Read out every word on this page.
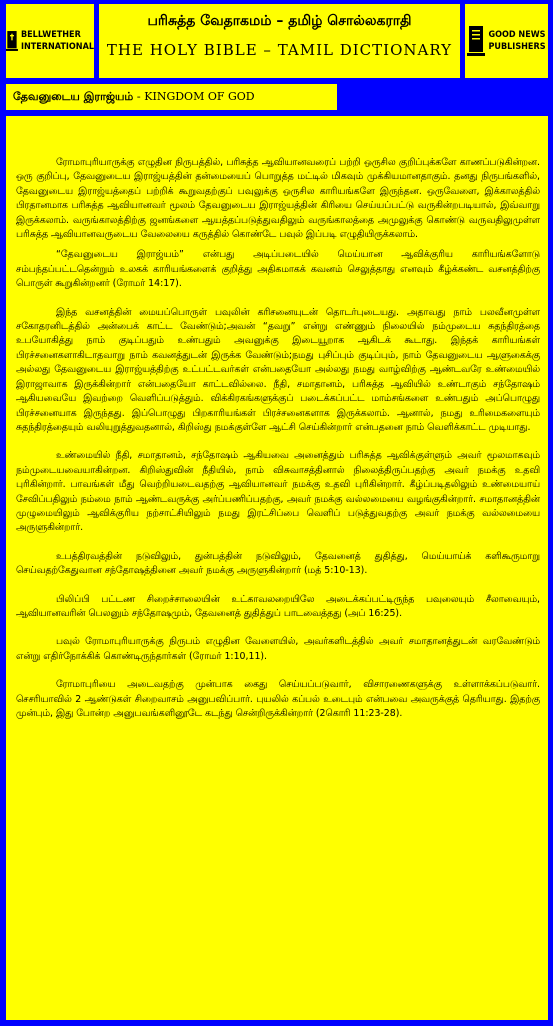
BELLWETHER
INTERNATIONAL
பரிசுத்த வேதாகமம் – தமிழ் சொல்லகராதி
THE HOLY BIBLE – TAMIL DICTIONARY
GOOD NEWS
PUBLISHERS
தேவனுடைய இராஜ்யம் - KINGDOM OF GOD

ரோமாபுரியாருக்கு எழுதின நிருபத்தில், பரிசுத்த ஆவியானவரைப் பற்றி ஒருசில குறிப்புக்களே காணப்படுகின்றன. ஒரு குறிப்பு, தேவனுடைய இராஜ்யத்தின் தன்மையைப் பொறுத்த மட்டில் மிகவும் முக்கியமானதாகும். தனது நிருபங்களில், தேவனுடைய இராஜ்யத்தைப் பற்றிக் கூறுவதற்குப் பவுலுக்கு ஒருசில காரியங்களே இருந்தன. ஒருவேளை, இக்காலத்தில் பிரதானமாக பரிசுத்த ஆவியானவர் மூலம் தேவனுடைய இராஜ்யத்தின் கிரியை செய்யப்பட்டு வருகின்றபடியால், இவ்வாறு இருக்கலாம். வருங்காலத்திற்கு ஜனங்களை ஆயத்தப்படுத்துவதிலும் வருங்காலத்தை அமுலுக்கு கொண்டு வருவதிலுமுள்ள பரிசுத்த ஆவியானவருடைய வேலையை கருத்தில் கொண்டே பவுல் இப்படி எழுதியிருக்கலாம்.

“தேவனுடைய இராஜ்யம்” என்பது அடிப்படையில் மெய்யான ஆவிக்குரிய காரியங்களோடு சம்பந்தப்பட்டதென்றும் உலகக் காரியங்களைக் குறித்து அதிகமாகக் கவனம் செலுத்தாது எனவும் கீழ்க்கண்ட வசனத்திற்கு பொருள் கூறுகின்றனர் (ரோமர் 14:17).

இந்த வசனத்தின் மையப்பொருள் பவுலின் கரிசனையுடன் தொடர்புடையது. அதாவது நாம் பலவீனமுள்ள சகோதரனிடத்தில் அன்பைக் காட்ட வேண்டும்;அவன் “தவறு” என்று எண்ணும் நிலையில் நம்முடைய சுதந்திரத்தை உபயோகித்து நாம் குடிப்பதும் உண்பதும் அவனுக்கு இடையூறாக ஆகிடக் கூடாது. இந்தக் காரியங்கள் பிரச்சனைகளாகிடாதவாறு நாம் கவனத்துடன் இருக்க வேண்டும்;நமது புசிப்பும் குடிப்பும், நாம் தேவனுடைய ஆளுகைக்கு அல்லது தேவனுடைய இராஜ்யத்திற்கு உட்பட்டவர்கள் என்பதையோ அல்லது நமது வாழ்விற்கு ஆண்டவரே உண்மையில் இராஜாவாக இருக்கின்றார் என்பதையோ காட்டவில்லை. நீதி, சமாதானம், பரிசுத்த ஆவியில் உண்டாகும் சந்தோஷம் ஆகியவையே இவற்றை வெளிப்படுத்தும். விக்கிரகங்களுக்குப் படைக்கப்பட்ட மாம்சங்களை உண்பதும் அப்பொழுது பிரச்சனையாக இருந்தது. இப்பொழுது பிறகாரியங்கள் பிரச்சனைகளாக இருக்கலாம். ஆனால், நமது உரிமைகளையும் சுதந்திரத்தையும் வலியுறுத்துவதனால், கிறிஸ்து நமக்குள்ளே ஆட்சி செய்கின்றார் என்பதனை நாம் வெளிக்காட்ட முடியாது.

உண்மையில் நீதி, சமாதானம், சந்தோஷம் ஆகியவை அனைத்தும் பரிசுத்த ஆவிக்குள்ளும் அவர் மூலமாகவும் நம்முடையவையாகின்றன. கிறிஸ்துவின் நீதியில், நாம் விசுவாசத்தினால் நிலைத்திருப்பதற்கு அவர் நமக்கு உதவி புரிகின்றார். பாவங்கள் மீது வெற்றியடைவதற்கு ஆவியானவர் நமக்கு உதவி புரிகின்றார். கீழ்ப்படிதலிலும் உண்மையாய் சேவிப்பதிலும் நம்மை நாம் ஆண்டவருக்கு அர்ப்பணிப்பதற்கு, அவர் நமக்கு வல்லமையை வழங்குகின்றார். சமாதானத்தின் முழுமையிலும் ஆவிக்குரிய நற்சாட்சியிலும் நமது இரட்சிப்பை வெளிப் படுத்துவதற்கு அவர் நமக்கு வல்லமையை அருளுகின்றார்.

உபத்திரவத்தின் நடுவிலும், துன்பத்தின் நடுவிலும், தேவனைத் துதித்து, மெய்யாய்க் களிகூருமாறு செய்வதற்கேதுவான சந்தோஷத்தினை அவர் நமக்கு அருளுகின்றார் (மத் 5:10-13).

பிலிப்பி பட்டண சிறைச்சாலையின் உட்காவலறையிலே அடைக்கப்பட்டிருந்த பவுலையும் சீலாவையும், ஆவியானவரின் பெலனும் சந்தோஷமும், தேவனைத் துதித்துப் பாடவைத்தது (அப் 16:25).

பவுல் ரோமாபுரியாருக்கு நிருபம் எழுதின வேளையில், அவர்களிடத்தில் அவர் சமாதானத்துடன் வரவேண்டும் என்று எதிர்நோக்கிக் கொண்டிருந்தார்கள் (ரோமர் 1:10,11).

ரோமாபுரியை அடைவதற்கு முன்பாக கைது செய்யப்படுவார், விசாரணைகளுக்கு உள்ளாக்கப்படுவார். செசரியாவில் 2 ஆண்டுகள் சிறைவாசம் அனுபவிப்பார். புயலில் கப்பல் உடைபும் என்பவை அவருக்குத் தெரியாது. இதற்கு முன்பும், இது போன்ற அனுபவங்களினூடே கடந்து சென்றிருக்கின்றார் (2கொரி 11:23-28).
